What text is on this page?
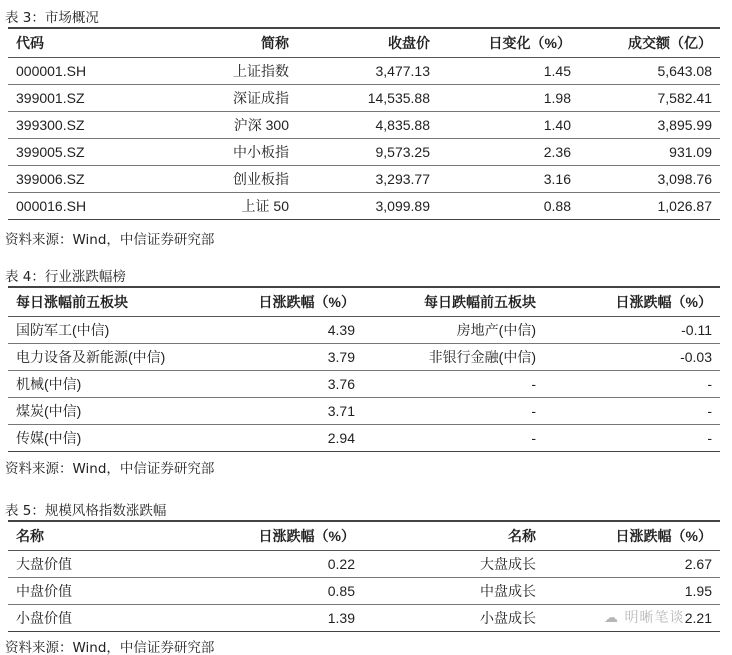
表 3：市场概况
代码	简称	收盘价	日变化（%）	成交额（亿）
000001.SH	上证指数	3,477.13	1.45	5,643.08
399001.SZ	深证成指	14,535.88	1.98	7,582.41
399300.SZ	沪深 300	4,835.88	1.40	3,895.99
399005.SZ	中小板指	9,573.25	2.36	931.09
399006.SZ	创业板指	3,293.77	3.16	3,098.76
000016.SH	上证 50	3,099.89	0.88	1,026.87
资料来源：Wind，中信证券研究部
表 4：行业涨跌幅榜
每日涨幅前五板块	日涨跌幅（%）	每日跌幅前五板块	日涨跌幅（%）
国防军工(中信)	4.39	房地产(中信)	-0.11
电力设备及新能源(中信)	3.79	非银行金融(中信)	-0.03
机械(中信)	3.76	-	-
煤炭(中信)	3.71	-	-
传媒(中信)	2.94	-	-
资料来源：Wind，中信证券研究部
表 5：规模风格指数涨跌幅
名称	日涨跌幅（%）	名称	日涨跌幅（%）
大盘价值	0.22	大盘成长	2.67
中盘价值	0.85	中盘成长	1.95
小盘价值	1.39	小盘成长	2.21
资料来源：Wind，中信证券研究部
☁ 明晰笔谈
